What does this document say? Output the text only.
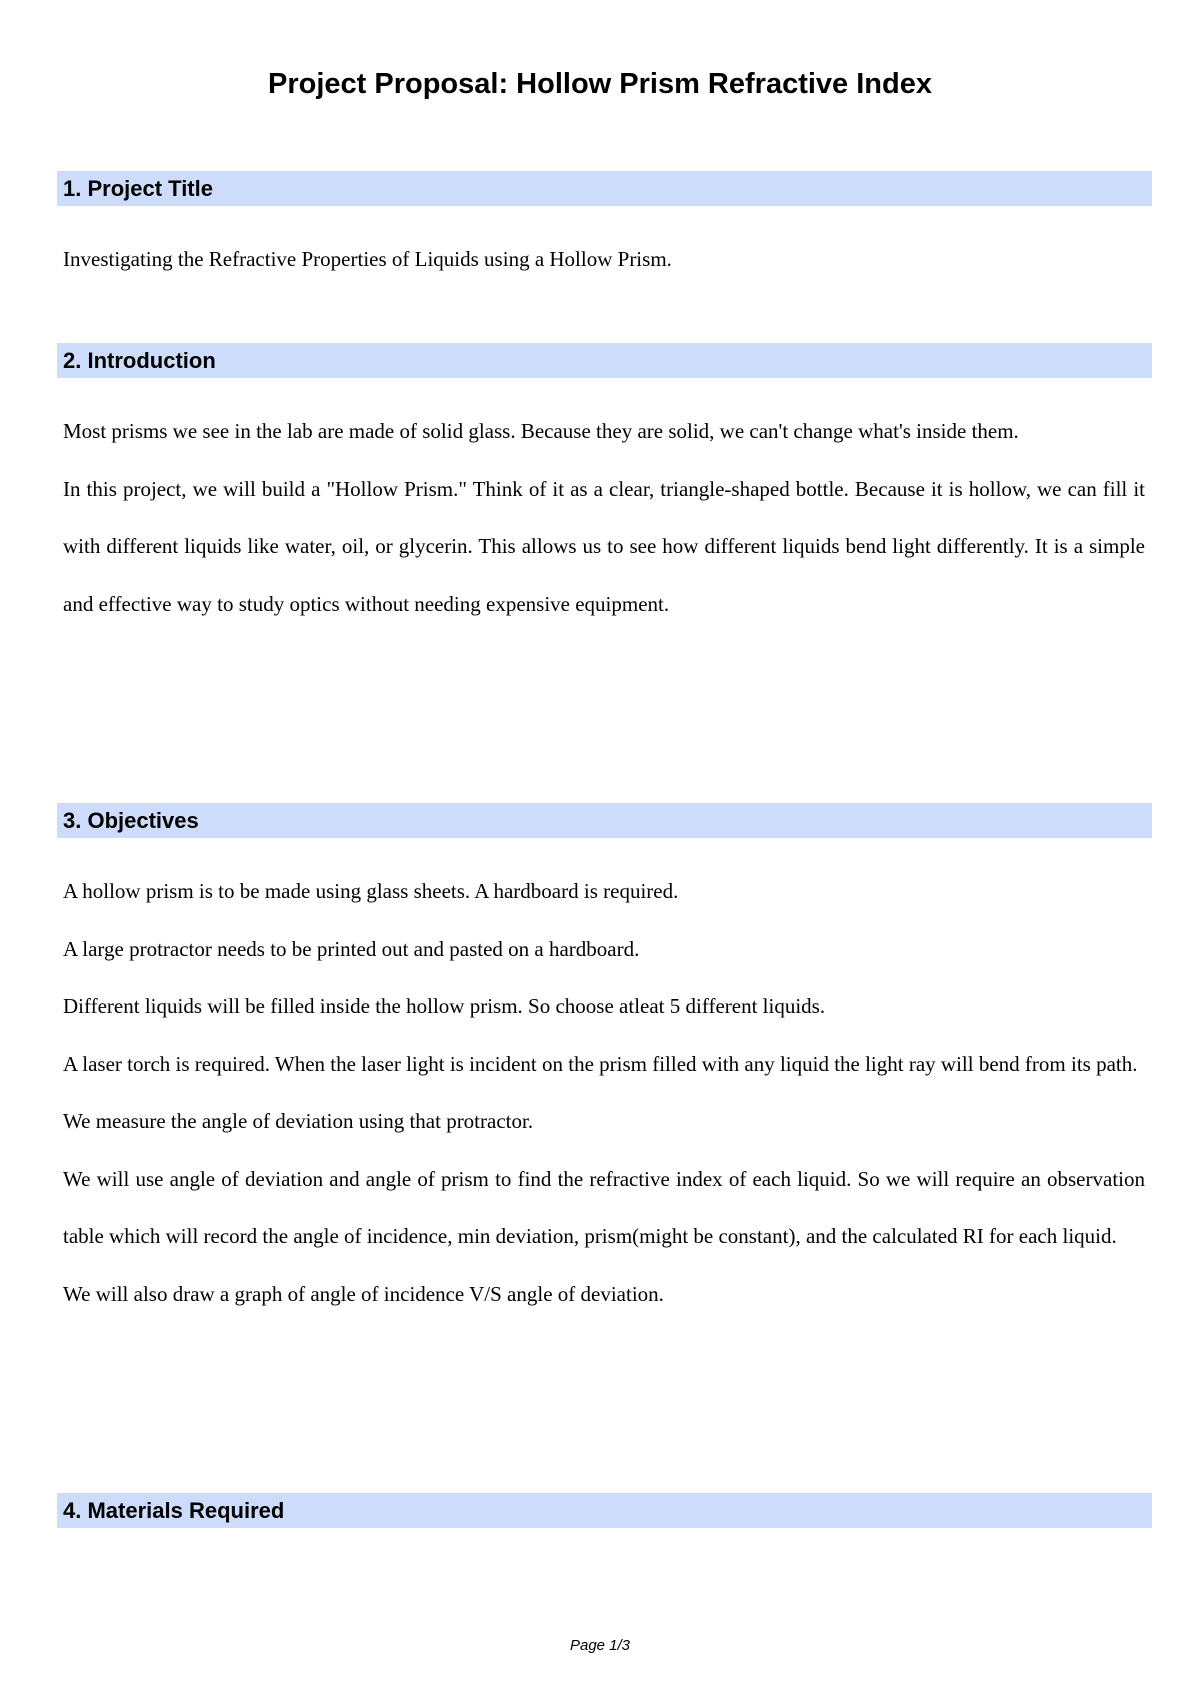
Project Proposal: Hollow Prism Refractive Index
1. Project Title

Investigating the Refractive Properties of Liquids using a Hollow Prism.

2. Introduction

Most prisms we see in the lab are made of solid glass. Because they are solid, we can't change what's inside them.

In this project, we will build a "Hollow Prism." Think of it as a clear, triangle-shaped bottle. Because it is hollow, we can fill it with different liquids like water, oil, or glycerin. This allows us to see how different liquids bend light differently. It is a simple and effective way to study optics without needing expensive equipment.

3. Objectives

A hollow prism is to be made using glass sheets. A hardboard is required.

A large protractor needs to be printed out and pasted on a hardboard.

Different liquids will be filled inside the hollow prism. So choose atleat 5 different liquids.

A laser torch is required. When the laser light is incident on the prism filled with any liquid the light ray will bend from its path.

We measure the angle of deviation using that protractor.

We will use angle of deviation and angle of prism to find the refractive index of each liquid. So we will require an observation table which will record the angle of incidence, min deviation, prism(might be constant), and the calculated RI for each liquid.

We will also draw a graph of angle of incidence V/S angle of deviation.

4. Materials Required
Page 1/3
